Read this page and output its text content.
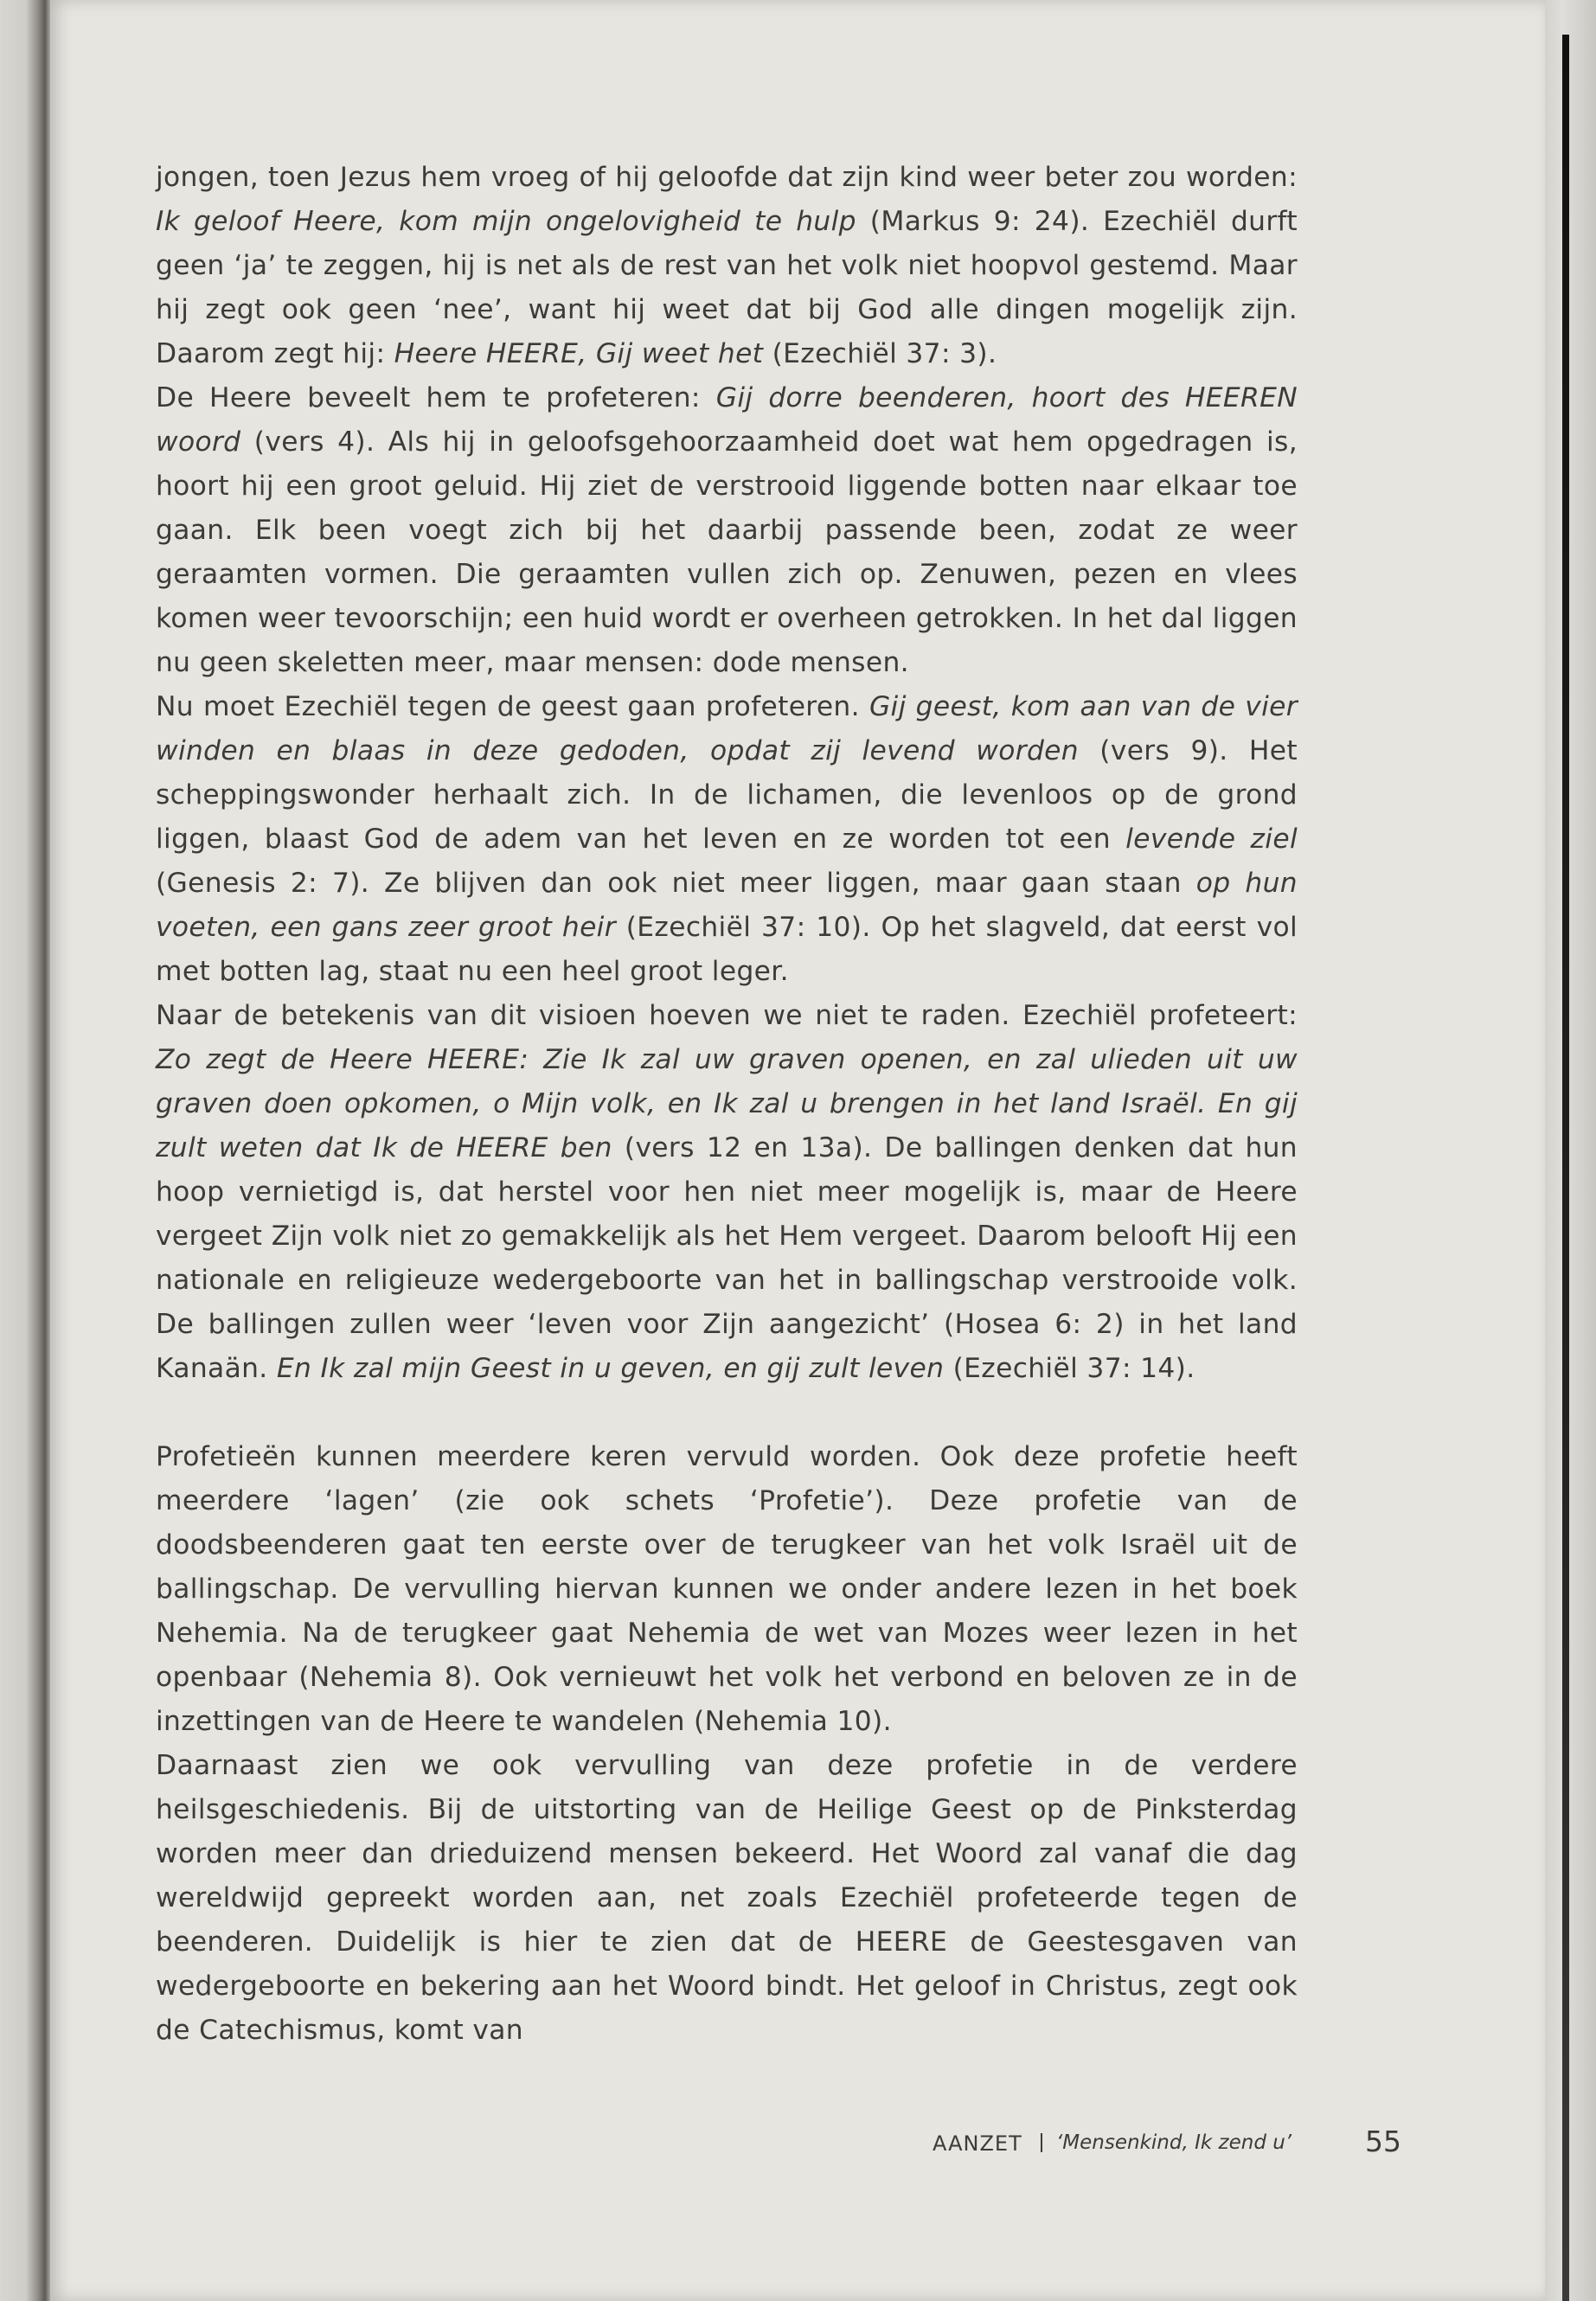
jongen, toen Jezus hem vroeg of hij geloofde dat zijn kind weer beter zou worden: Ik geloof Heere, kom mijn ongelovigheid te hulp (Markus 9: 24). Ezechiël durft geen ‘ja’ te zeggen, hij is net als de rest van het volk niet hoopvol gestemd. Maar hij zegt ook geen ‘nee’, want hij weet dat bij God alle dingen mogelijk zijn. Daarom zegt hij: Heere HEERE, Gij weet het (Ezechiël 37: 3).

De Heere beveelt hem te profeteren: Gij dorre beenderen, hoort des HEEREN woord (vers 4). Als hij in geloofsgehoorzaamheid doet wat hem opgedragen is, hoort hij een groot geluid. Hij ziet de verstrooid liggende botten naar elkaar toe gaan. Elk been voegt zich bij het daarbij passende been, zodat ze weer geraamten vormen. Die geraamten vullen zich op. Zenuwen, pezen en vlees komen weer tevoorschijn; een huid wordt er overheen getrokken. In het dal liggen nu geen skeletten meer, maar mensen: dode mensen.

Nu moet Ezechiël tegen de geest gaan profeteren. Gij geest, kom aan van de vier winden en blaas in deze gedoden, opdat zij levend worden (vers 9). Het scheppingswonder herhaalt zich. In de lichamen, die levenloos op de grond liggen, blaast God de adem van het leven en ze worden tot een levende ziel (Genesis 2: 7). Ze blijven dan ook niet meer liggen, maar gaan staan op hun voeten, een gans zeer groot heir (Ezechiël 37: 10). Op het slagveld, dat eerst vol met botten lag, staat nu een heel groot leger.

Naar de betekenis van dit visioen hoeven we niet te raden. Ezechiël profeteert: Zo zegt de Heere HEERE: Zie Ik zal uw graven openen, en zal ulieden uit uw graven doen opkomen, o Mijn volk, en Ik zal u brengen in het land Israël. En gij zult weten dat Ik de HEERE ben (vers 12 en 13a). De ballingen denken dat hun hoop vernietigd is, dat herstel voor hen niet meer mogelijk is, maar de Heere vergeet Zijn volk niet zo gemakkelijk als het Hem vergeet. Daarom belooft Hij een nationale en religieuze wedergeboorte van het in ballingschap verstrooide volk. De ballingen zullen weer ‘leven voor Zijn aangezicht’ (Hosea 6: 2) in het land Kanaän. En Ik zal mijn Geest in u geven, en gij zult leven (Ezechiël 37: 14).

Profetieën kunnen meerdere keren vervuld worden. Ook deze profetie heeft meerdere ‘lagen’ (zie ook schets ‘Profetie’). Deze profetie van de doodsbeenderen gaat ten eerste over de terugkeer van het volk Israël uit de ballingschap. De vervulling hiervan kunnen we onder andere lezen in het boek Nehemia. Na de terugkeer gaat Nehemia de wet van Mozes weer lezen in het openbaar (Nehemia 8). Ook vernieuwt het volk het verbond en beloven ze in de inzettingen van de Heere te wandelen (Nehemia 10).

Daarnaast zien we ook vervulling van deze profetie in de verdere heilsgeschiedenis. Bij de uitstorting van de Heilige Geest op de Pinksterdag worden meer dan drieduizend mensen bekeerd. Het Woord zal vanaf die dag wereldwijd gepreekt worden aan, net zoals Ezechiël profeteerde tegen de beenderen. Duidelijk is hier te zien dat de HEERE de Geestesgaven van wedergeboorte en bekering aan het Woord bindt. Het geloof in Christus, zegt ook de Catechismus, komt van

AANZET ‘Mensenkind, Ik zend u’	55
